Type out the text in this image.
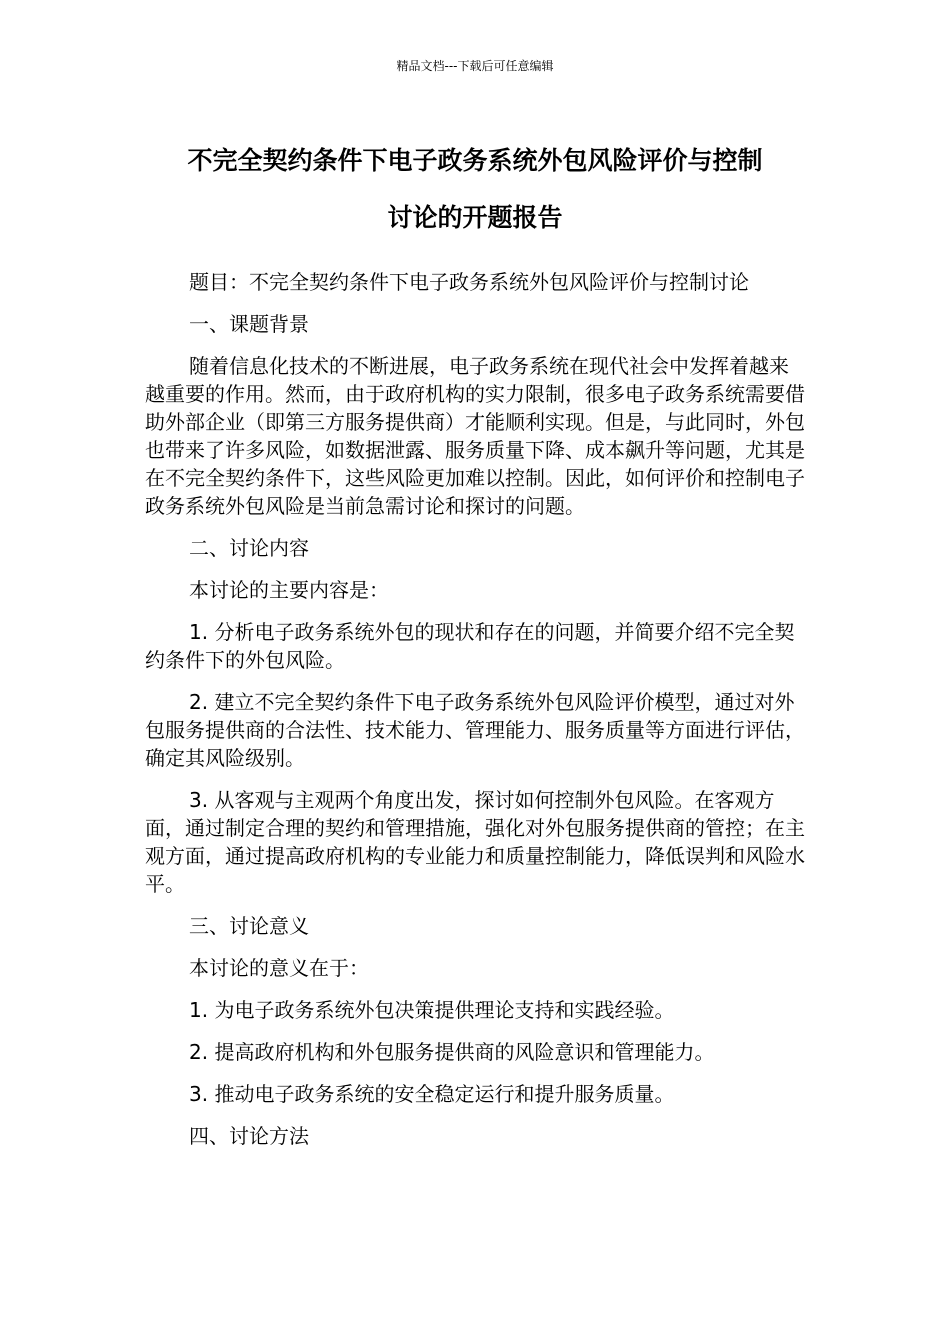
精品文档---下载后可任意编辑
不完全契约条件下电子政务系统外包风险评价与控制
讨论的开题报告

题目：不完全契约条件下电子政务系统外包风险评价与控制讨论

一、课题背景

随着信息化技术的不断进展，电子政务系统在现代社会中发挥着越来越重要的作用。然而，由于政府机构的实力限制，很多电子政务系统需要借助外部企业（即第三方服务提供商）才能顺利实现。但是，与此同时，外包也带来了许多风险，如数据泄露、服务质量下降、成本飙升等问题，尤其是在不完全契约条件下，这些风险更加难以控制。因此，如何评价和控制电子政务系统外包风险是当前急需讨论和探讨的问题。

二、讨论内容

本讨论的主要内容是：

1. 分析电子政务系统外包的现状和存在的问题，并简要介绍不完全契约条件下的外包风险。

2. 建立不完全契约条件下电子政务系统外包风险评价模型，通过对外包服务提供商的合法性、技术能力、管理能力、服务质量等方面进行评估，确定其风险级别。

3. 从客观与主观两个角度出发，探讨如何控制外包风险。在客观方面，通过制定合理的契约和管理措施，强化对外包服务提供商的管控；在主观方面，通过提高政府机构的专业能力和质量控制能力，降低误判和风险水平。

三、讨论意义

本讨论的意义在于：

1. 为电子政务系统外包决策提供理论支持和实践经验。

2. 提高政府机构和外包服务提供商的风险意识和管理能力。

3. 推动电子政务系统的安全稳定运行和提升服务质量。

四、讨论方法
